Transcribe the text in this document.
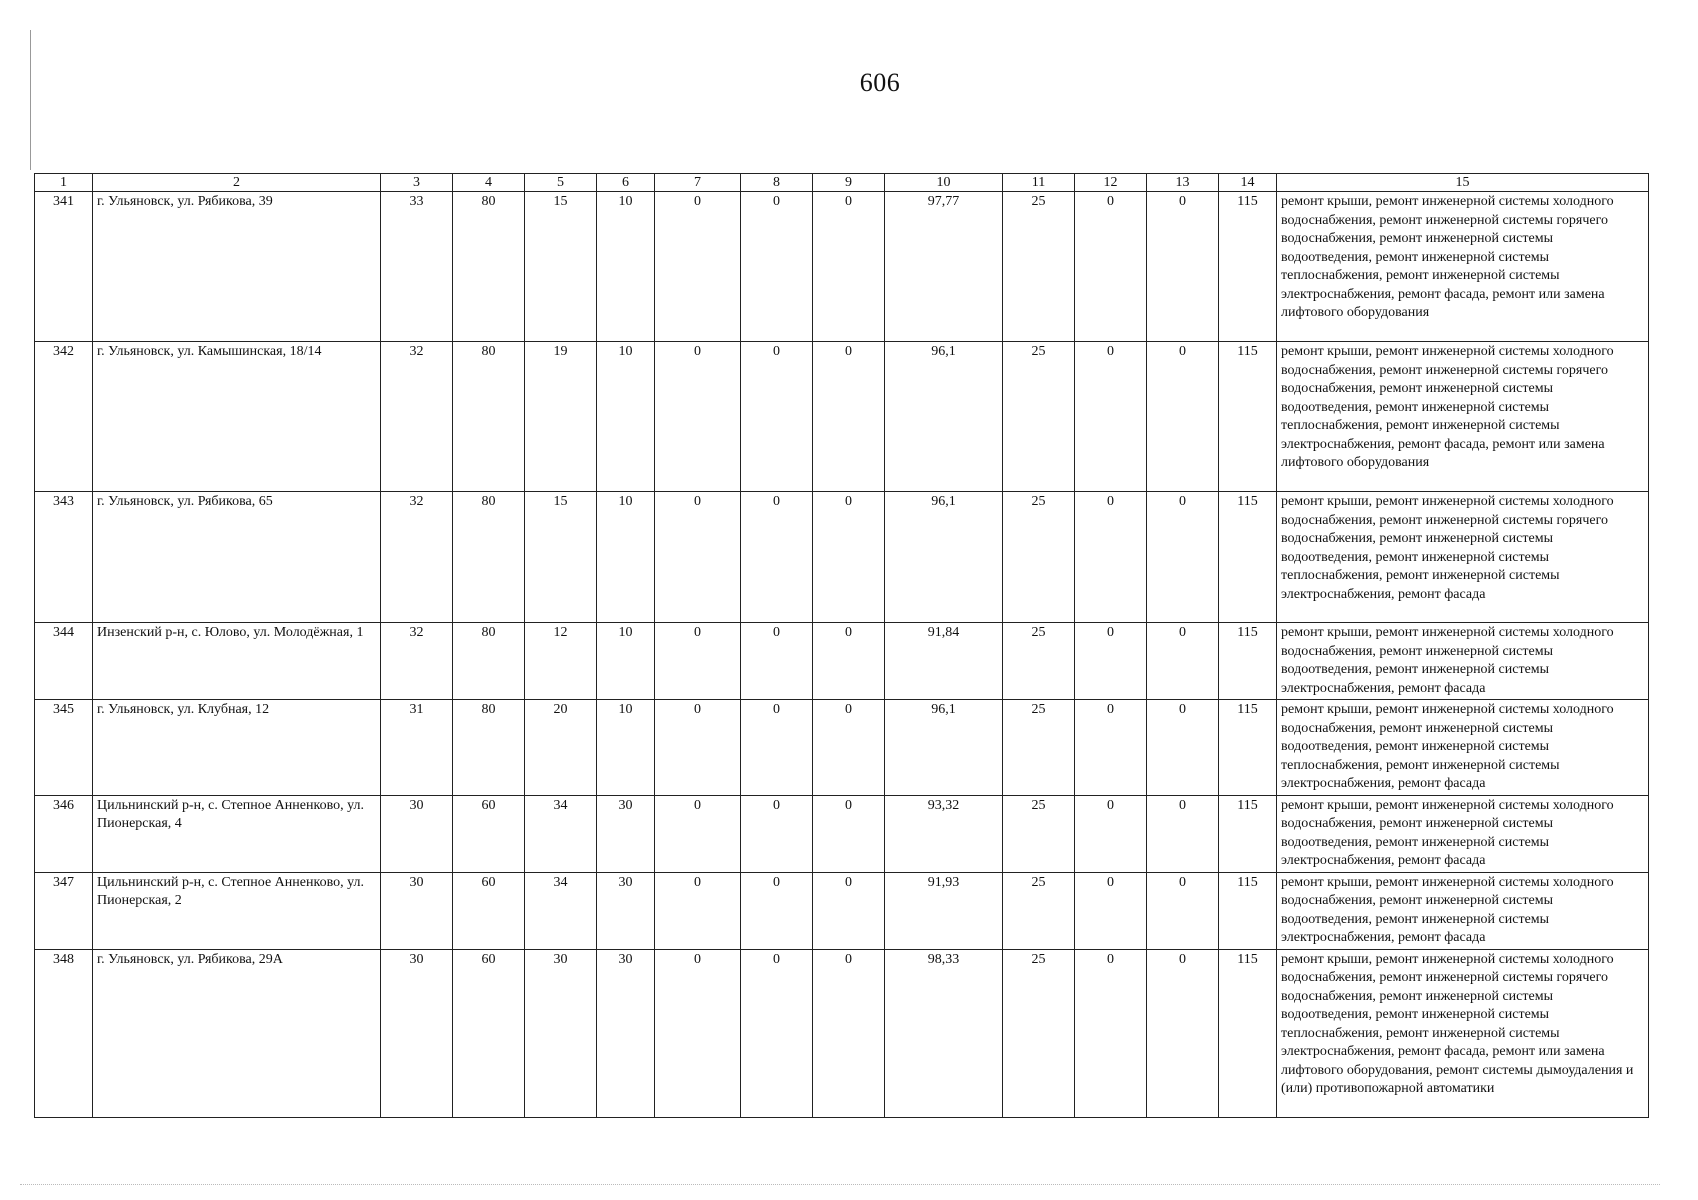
606
1	2	3	4	5	6	7	8	9	10	11	12	13	14	15
341	г. Ульяновск, ул. Рябикова, 39	33	80	15	10	0	0	0	97,77	25	0	0	115	ремонт крыши, ремонт инженерной системы холодного водоснабжения, ремонт инженерной системы горячего водоснабжения, ремонт инженерной системы водоотведения, ремонт инженерной системы теплоснабжения, ремонт инженерной системы электроснабжения, ремонт фасада, ремонт или замена лифтового оборудования
342	г. Ульяновск, ул. Камышинская, 18/14	32	80	19	10	0	0	0	96,1	25	0	0	115	ремонт крыши, ремонт инженерной системы холодного водоснабжения, ремонт инженерной системы горячего водоснабжения, ремонт инженерной системы водоотведения, ремонт инженерной системы теплоснабжения, ремонт инженерной системы электроснабжения, ремонт фасада, ремонт или замена лифтового оборудования
343	г. Ульяновск, ул. Рябикова, 65	32	80	15	10	0	0	0	96,1	25	0	0	115	ремонт крыши, ремонт инженерной системы холодного водоснабжения, ремонт инженерной системы горячего водоснабжения, ремонт инженерной системы водоотведения, ремонт инженерной системы теплоснабжения, ремонт инженерной системы электроснабжения, ремонт фасада
344	Инзенский р-н, с. Юлово, ул. Молодёжная, 1	32	80	12	10	0	0	0	91,84	25	0	0	115	ремонт крыши, ремонт инженерной системы холодного водоснабжения, ремонт инженерной системы водоотведения, ремонт инженерной системы электроснабжения, ремонт фасада
345	г. Ульяновск, ул. Клубная, 12	31	80	20	10	0	0	0	96,1	25	0	0	115	ремонт крыши, ремонт инженерной системы холодного водоснабжения, ремонт инженерной системы водоотведения, ремонт инженерной системы теплоснабжения, ремонт инженерной системы электроснабжения, ремонт фасада
346	Цильнинский р-н, с. Степное Анненково, ул. Пионерская, 4	30	60	34	30	0	0	0	93,32	25	0	0	115	ремонт крыши, ремонт инженерной системы холодного водоснабжения, ремонт инженерной системы водоотведения, ремонт инженерной системы электроснабжения, ремонт фасада
347	Цильнинский р-н, с. Степное Анненково, ул. Пионерская, 2	30	60	34	30	0	0	0	91,93	25	0	0	115	ремонт крыши, ремонт инженерной системы холодного водоснабжения, ремонт инженерной системы водоотведения, ремонт инженерной системы электроснабжения, ремонт фасада
348	г. Ульяновск, ул. Рябикова, 29А	30	60	30	30	0	0	0	98,33	25	0	0	115	ремонт крыши, ремонт инженерной системы холодного водоснабжения, ремонт инженерной системы горячего водоснабжения, ремонт инженерной системы водоотведения, ремонт инженерной системы теплоснабжения, ремонт инженерной системы электроснабжения, ремонт фасада, ремонт или замена лифтового оборудования, ремонт системы дымоудаления и (или) противопожарной автоматики
